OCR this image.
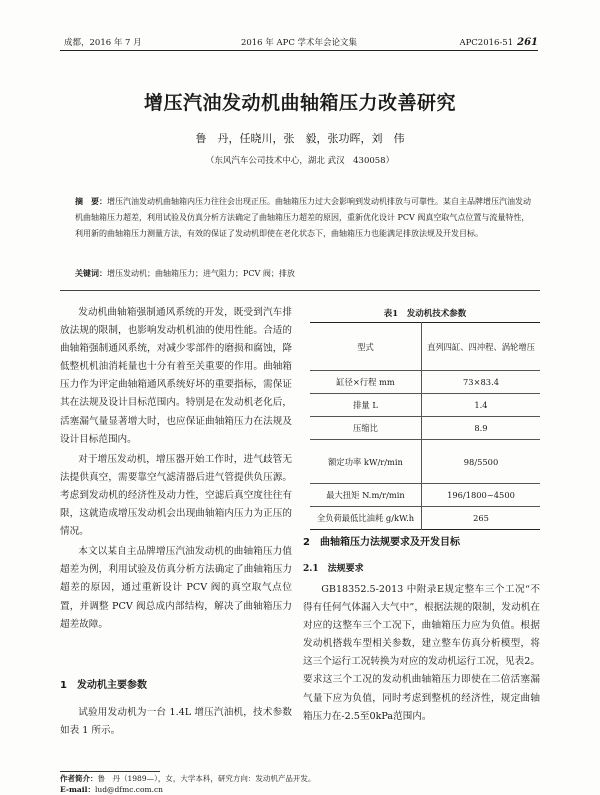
成都，2016 年 7 月	2016 年 APC 学术年会论文集	APC2016-51 261
增压汽油发动机曲轴箱压力改善研究
鲁　丹，任晓川，张　毅，张功晖，刘　伟
（东风汽车公司技术中心，湖北 武汉　430058）
摘　要：增压汽油发动机曲轴箱内压力往往会出现正压。曲轴箱压力过大会影响到发动机排放与可靠性。某自主品牌增压汽油发动机曲轴箱压力超差，利用试验及仿真分析方法确定了曲轴箱压力超差的原因，重新优化设计 PCV 阀真空取气点位置与流量特性，利用新的曲轴箱压力测量方法，有效的保证了发动机即使在老化状态下，曲轴箱压力也能满足排放法规及开发目标。
关键词：增压发动机；曲轴箱压力；进气阻力；PCV 阀；排放

发动机曲轴箱强制通风系统的开发，既受到汽车排放法规的限制，也影响发动机机油的使用性能。合适的曲轴箱强制通风系统，对减少零部件的磨损和腐蚀，降低整机机油消耗量也十分有着至关重要的作用。曲轴箱压力作为评定曲轴箱通风系统好坏的重要指标，需保证其在法规及设计目标范围内。特别是在发动机老化后，活塞漏气量显著增大时，也应保证曲轴箱压力在法规及设计目标范围内。

对于增压发动机，增压器开始工作时，进气歧管无法提供真空，需要靠空气滤清器后进气管提供负压源。考虑到发动机的经济性及动力性，空滤后真空度往往有限，这就造成增压发动机会出现曲轴箱内压力为正压的情况。

本文以某自主品牌增压汽油发动机的曲轴箱压力值超差为例，利用试验及仿真分析方法确定了曲轴箱压力超差的原因，通过重新设计 PCV 阀的真空取气点位置，并调整 PCV 阀总成内部结构，解决了曲轴箱压力超差故障。

1　发动机主要参数

试验用发动机为一台 1.4L 增压汽油机，技术参数如表 1 所示。

表1　发动机技术参数
型式	直列四缸、四冲程、涡轮增压
缸径×行程 mm	73×83.4
排量 L	1.4
压缩比	8.9
额定功率 kW/r/min	98/5500
最大扭矩 N.m/r/min	196/1800~4500
全负荷最低比油耗 g/kW.h	265
2　曲轴箱压力法规要求及开发目标
2.1　法规要求

GB18352.5-2013 中附录E规定整车三个工况“不得有任何气体漏入大气中”，根据法规的限制，发动机在对应的这整车三个工况下，曲轴箱压力应为负值。根据发动机搭载车型相关参数，建立整车仿真分析模型，将这三个运行工况转换为对应的发动机运行工况，见表2。要求这三个工况的发动机曲轴箱压力即使在二倍活塞漏气量下应为负值，同时考虑到整机的经济性，规定曲轴箱压力在-2.5至0kPa范围内。

作者简介：鲁　丹（1989—），女，大学本科，研究方向：发动机产品开发。
E-mail：lud@dfmc.com.cn
